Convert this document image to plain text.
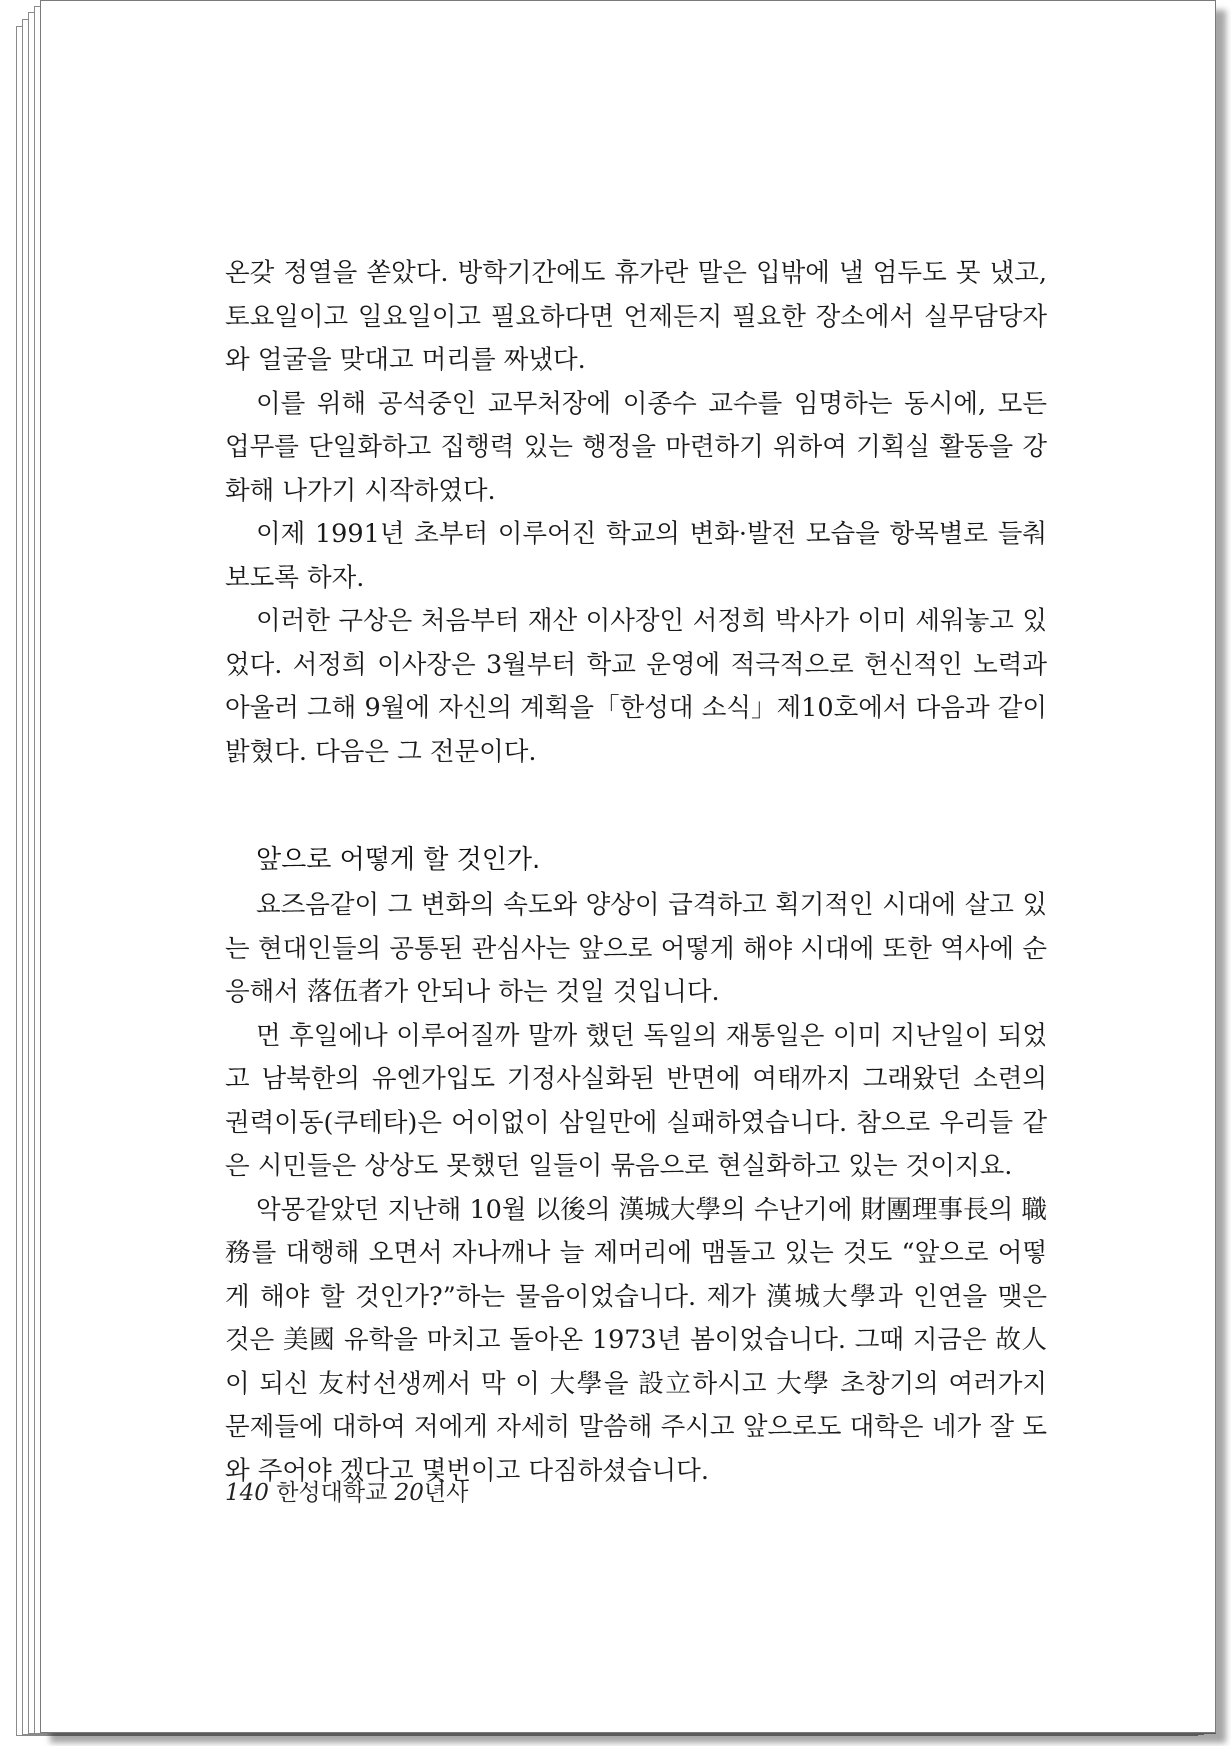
온갖 정열을 쏟았다. 방학기간에도 휴가란 말은 입밖에 낼 엄두도 못 냈고, 토요일이고 일요일이고 필요하다면 언제든지 필요한 장소에서 실무담당자와 얼굴을 맞대고 머리를 짜냈다.

이를 위해 공석중인 교무처장에 이종수 교수를 임명하는 동시에, 모든 업무를 단일화하고 집행력 있는 행정을 마련하기 위하여 기획실 활동을 강화해 나가기 시작하였다.

이제 1991년 초부터 이루어진 학교의 변화·발전 모습을 항목별로 들춰보도록 하자.

이러한 구상은 처음부터 재산 이사장인 서정희 박사가 이미 세워놓고 있었다. 서정희 이사장은 3월부터 학교 운영에 적극적으로 헌신적인 노력과 아울러 그해 9월에 자신의 계획을「한성대 소식」제10호에서 다음과 같이 밝혔다. 다음은 그 전문이다.

앞으로 어떻게 할 것인가.

요즈음같이 그 변화의 속도와 양상이 급격하고 획기적인 시대에 살고 있는 현대인들의 공통된 관심사는 앞으로 어떻게 해야 시대에 또한 역사에 순응해서 落伍者가 안되나 하는 것일 것입니다.

먼 후일에나 이루어질까 말까 했던 독일의 재통일은 이미 지난일이 되었고 남북한의 유엔가입도 기정사실화된 반면에 여태까지 그래왔던 소련의 권력이동(쿠테타)은 어이없이 삼일만에 실패하였습니다. 참으로 우리들 같은 시민들은 상상도 못했던 일들이 묶음으로 현실화하고 있는 것이지요.

악몽같았던 지난해 10월 以後의 漢城大學의 수난기에 財團理事長의 職務를 대행해 오면서 자나깨나 늘 제머리에 맴돌고 있는 것도 “앞으로 어떻게 해야 할 것인가?”하는 물음이었습니다. 제가 漢城大學과 인연을 맺은 것은 美國 유학을 마치고 돌아온 1973년 봄이었습니다. 그때 지금은 故人이 되신 友村선생께서 막 이 大學을 設立하시고 大學 초창기의 여러가지 문제들에 대하여 저에게 자세히 말씀해 주시고 앞으로도 대학은 네가 잘 도와 주어야 겠다고 몇번이고 다짐하셨습니다.

140 한성대학교 20년사
